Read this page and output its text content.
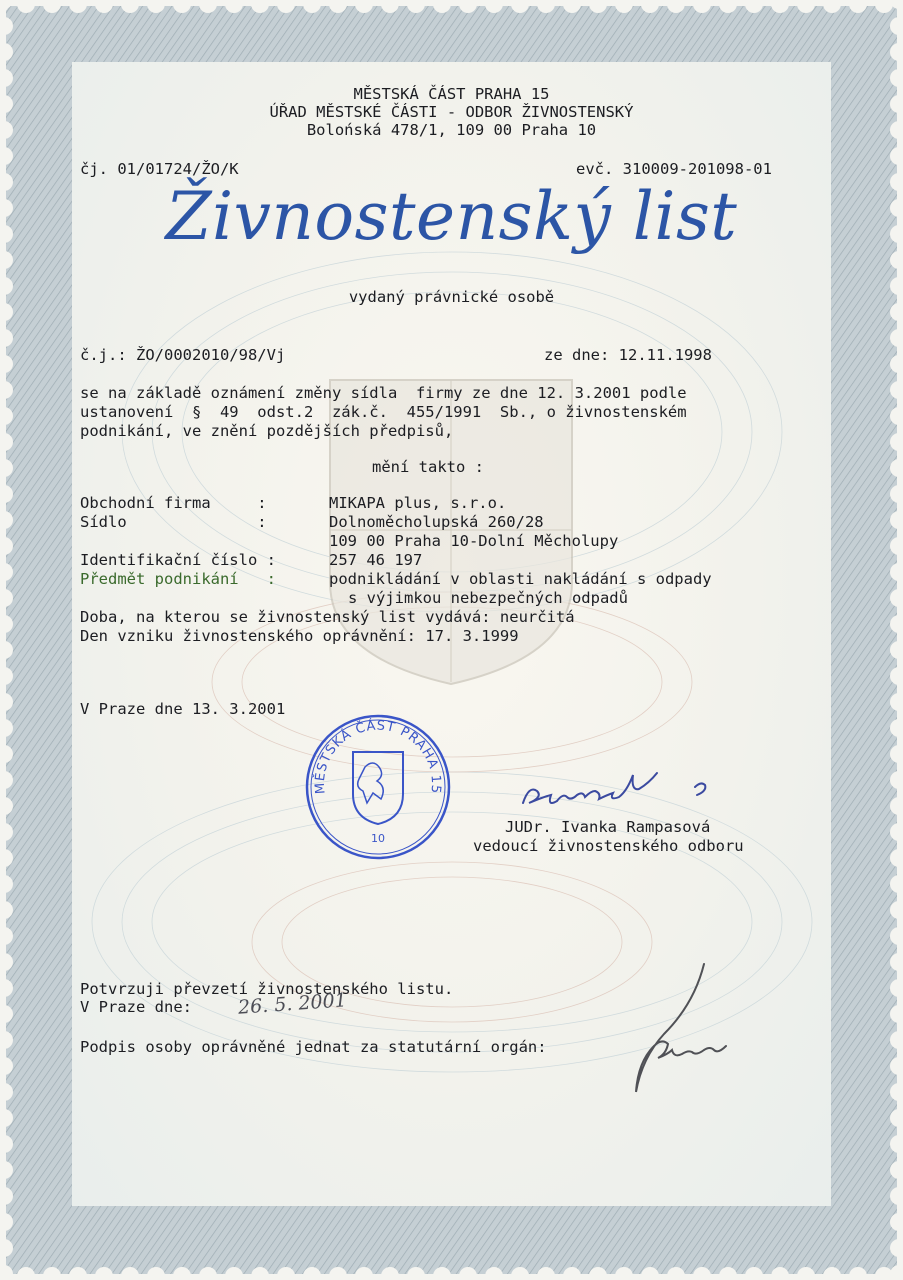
MĚSTSKÁ ČÁST PRAHA 15
ÚŘAD MĚSTSKÉ ČÁSTI - ODBOR ŽIVNOSTENSKÝ
Bolońská 478/1, 109 00 Praha 10
čj. 01/01724/ŽO/K	evč. 310009-201098-01
Živnostenský list
vydaný právnické osobě
č.j.: ŽO/0002010/98/Vj	ze dne: 12.11.1998
se na základě oznámení změny sídla  firmy ze dne 12. 3.2001 podle
ustanovení  §  49  odst.2  zák.č.  455/1991  Sb., o živnostenském
podnikání, ve znění pozdějších předpisů,
mění takto :
Obchodní firma     :	MIKAPA plus, s.r.o.
Sídlo              :	Dolnoměcholupská 260/28
109 00 Praha 10-Dolní Měcholupy
Identifikační číslo :	257 46 197
Předmět podnikání   :	podnikládání v oblasti nakládání s odpady
s výjimkou nebezpečných odpadů
Doba, na kterou se živnostenský list vydává: neurčitá
Den vzniku živnostenského oprávnění: 17. 3.1999
V Praze dne 13. 3.2001
MĚSTSKÁ ČÁST PRAHA 15
10
JUDr. Ivanka Rampasová
vedoucí živnostenského odboru
Potvrzuji převzetí živnostenského listu.
V Praze dne: 26. 5. 2001
Podpis osoby oprávněné jednat za statutární orgán:
